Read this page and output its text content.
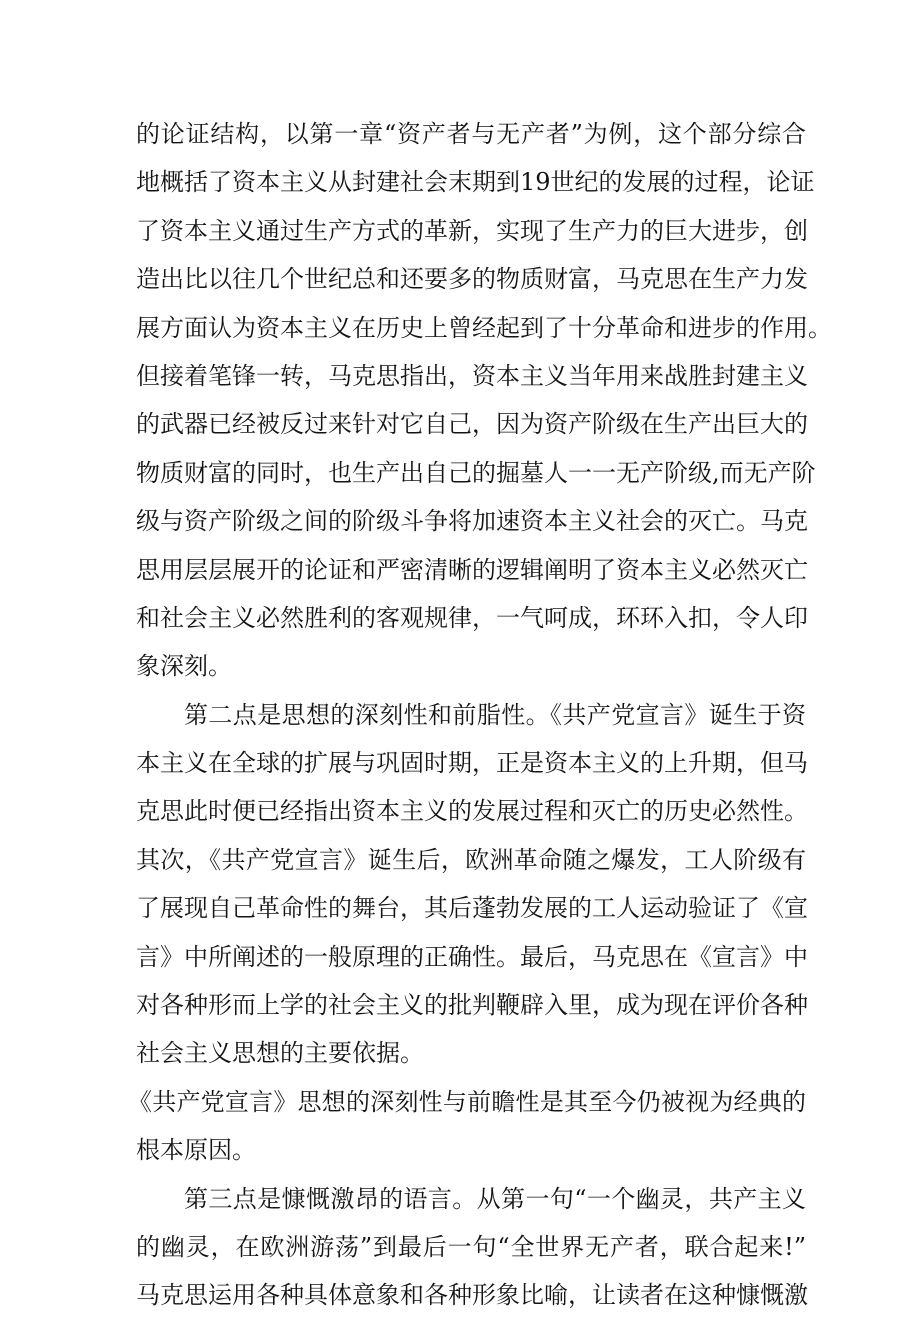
的论证结构，以第一章“资产者与无产者”为例，这个部分综合
地概括了资本主义从封建社会末期到19世纪的发展的过程，论证
了资本主义通过生产方式的革新，实现了生产力的巨大进步，创
造出比以往几个世纪总和还要多的物质财富，马克思在生产力发
展方面认为资本主义在历史上曾经起到了十分革命和进步的作用。
但接着笔锋一转，马克思指出，资本主义当年用来战胜封建主义
的武器已经被反过来针对它自己，因为资产阶级在生产出巨大的
物质财富的同时，也生产出自己的掘墓人一一无产阶级,而无产阶
级与资产阶级之间的阶级斗争将加速资本主义社会的灭亡。马克
思用层层展开的论证和严密清晰的逻辑阐明了资本主义必然灭亡
和社会主义必然胜利的客观规律，一气呵成，环环入扣，令人印
象深刻。
第二点是思想的深刻性和前脂性。《共产党宣言》诞生于资
本主义在全球的扩展与巩固时期，正是资本主义的上升期，但马
克思此时便已经指出资本主义的发展过程和灭亡的历史必然性。
其次，《共产党宣言》诞生后，欧洲革命随之爆发，工人阶级有
了展现自己革命性的舞台，其后蓬勃发展的工人运动验证了《宣
言》中所阐述的一般原理的正确性。最后，马克思在《宣言》中
对各种形而上学的社会主义的批判鞭辟入里，成为现在评价各种
社会主义思想的主要依据。
《共产党宣言》思想的深刻性与前瞻性是其至今仍被视为经典的
根本原因。
第三点是慷慨激昂的语言。从第一句“一个幽灵，共产主义
的幽灵，在欧洲游荡”到最后一句“全世界无产者，联合起来!”
马克思运用各种具体意象和各种形象比喻，让读者在这种慷慨激
